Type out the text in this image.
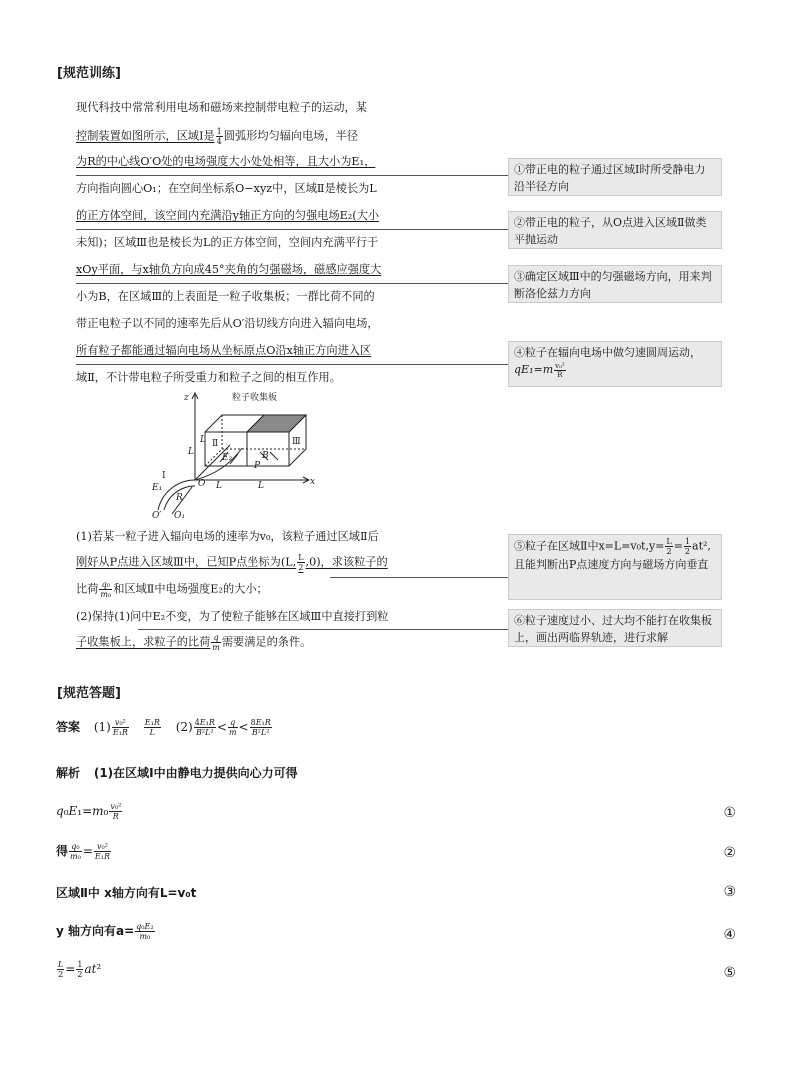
[规范训练]
现代科技中常常利用电场和磁场来控制带电粒子的运动，某
控制装置如图所示，区域Ⅰ是 $\frac{1}{4}$ 圆弧形均匀辐向电场，半径
为R的中心线O′O处的电场强度大小处处相等，且大小为E₁，
方向指向圆心O₁；在空间坐标系O−xyz中，区域Ⅱ是棱长为L
的正方体空间，该空间内充满沿y轴正方向的匀强电场E₂(大小
未知)；区域Ⅲ也是棱长为L的正方体空间，空间内充满平行于
xOy平面，与x轴负方向成45°夹角的匀强磁场，磁感应强度大
小为B，在区域Ⅲ的上表面是一粒子收集板；一群比荷不同的
带正电粒子以不同的速率先后从O′沿切线方向进入辐向电场，
所有粒子都能通过辐向电场从坐标原点O沿x轴正方向进入区
域Ⅱ，不计带电粒子所受重力和粒子之间的相互作用。
①带正电的粒子通过区域Ⅰ时所受静电力沿半径方向
②带正电的粒子，从O点进入区域Ⅱ做类平抛运动
③确定区域Ⅲ中的匀强磁场方向，用来判断洛伦兹力方向
④粒子在辐向电场中做匀速圆周运动，
$qE_1=m \frac{\text{v₀²}}{R}$
⑤粒子在区域Ⅱ中$x=L=v_0t,y= \frac{L}{2} = \frac{1}{2} at^2$,
且能判断出P点速度方向与磁场方向垂直
⑥粒子速度过小、过大均不能打在收集板上，画出两临界轨迹，进行求解
z
x
L
L
L	L
E₂	B
P
O
O′ O₁
R
E₁
粒子收集板
Ⅱ	Ⅲ
Ⅰ
(1)若某一粒子进入辐向电场的速率为v₀，该粒子通过区域Ⅱ后
刚好从P点进入区域Ⅲ中，已知P点坐标为(L, $\frac{L}{2} ,0$)，求该粒子的
比荷 $\frac{\text{q₀}}{\text{m₀}}$ 和区域Ⅱ中电场强度E₂的大小；
(2)保持(1)问中E₂不变，为了使粒子能够在区域Ⅲ中直接打到粒
子收集板上，求粒子的比荷 $\frac{q}{m}$ 需要满足的条件。
[规范答题]
答案 $(1) \frac{\text{v₀²}}{\text{E₁R}}$
$\frac{\text{E₁R}}{L} (2) \frac{\text{4E₁R}}{\text{B²L²}} < \frac{q}{m} < \frac{\text{8E₁R}}{\text{B²L²}}$
解析 (1)在区域Ⅰ中由静电力提供向心力可得
$q_0E_1=m_0 \frac{\text{v₀²}}{R}$	①
得 $\frac{\text{q₀}}{\text{m₀}} = \frac{\text{v₀²}}{\text{E₁R}}$	②
区域Ⅱ中 x轴方向有L=v₀t	③
y 轴方向有$a= \frac{\text{q₀E₂}}{\text{m₀}}$	④
$\frac{L}{2} = \frac{1}{2} at^2$	⑤
